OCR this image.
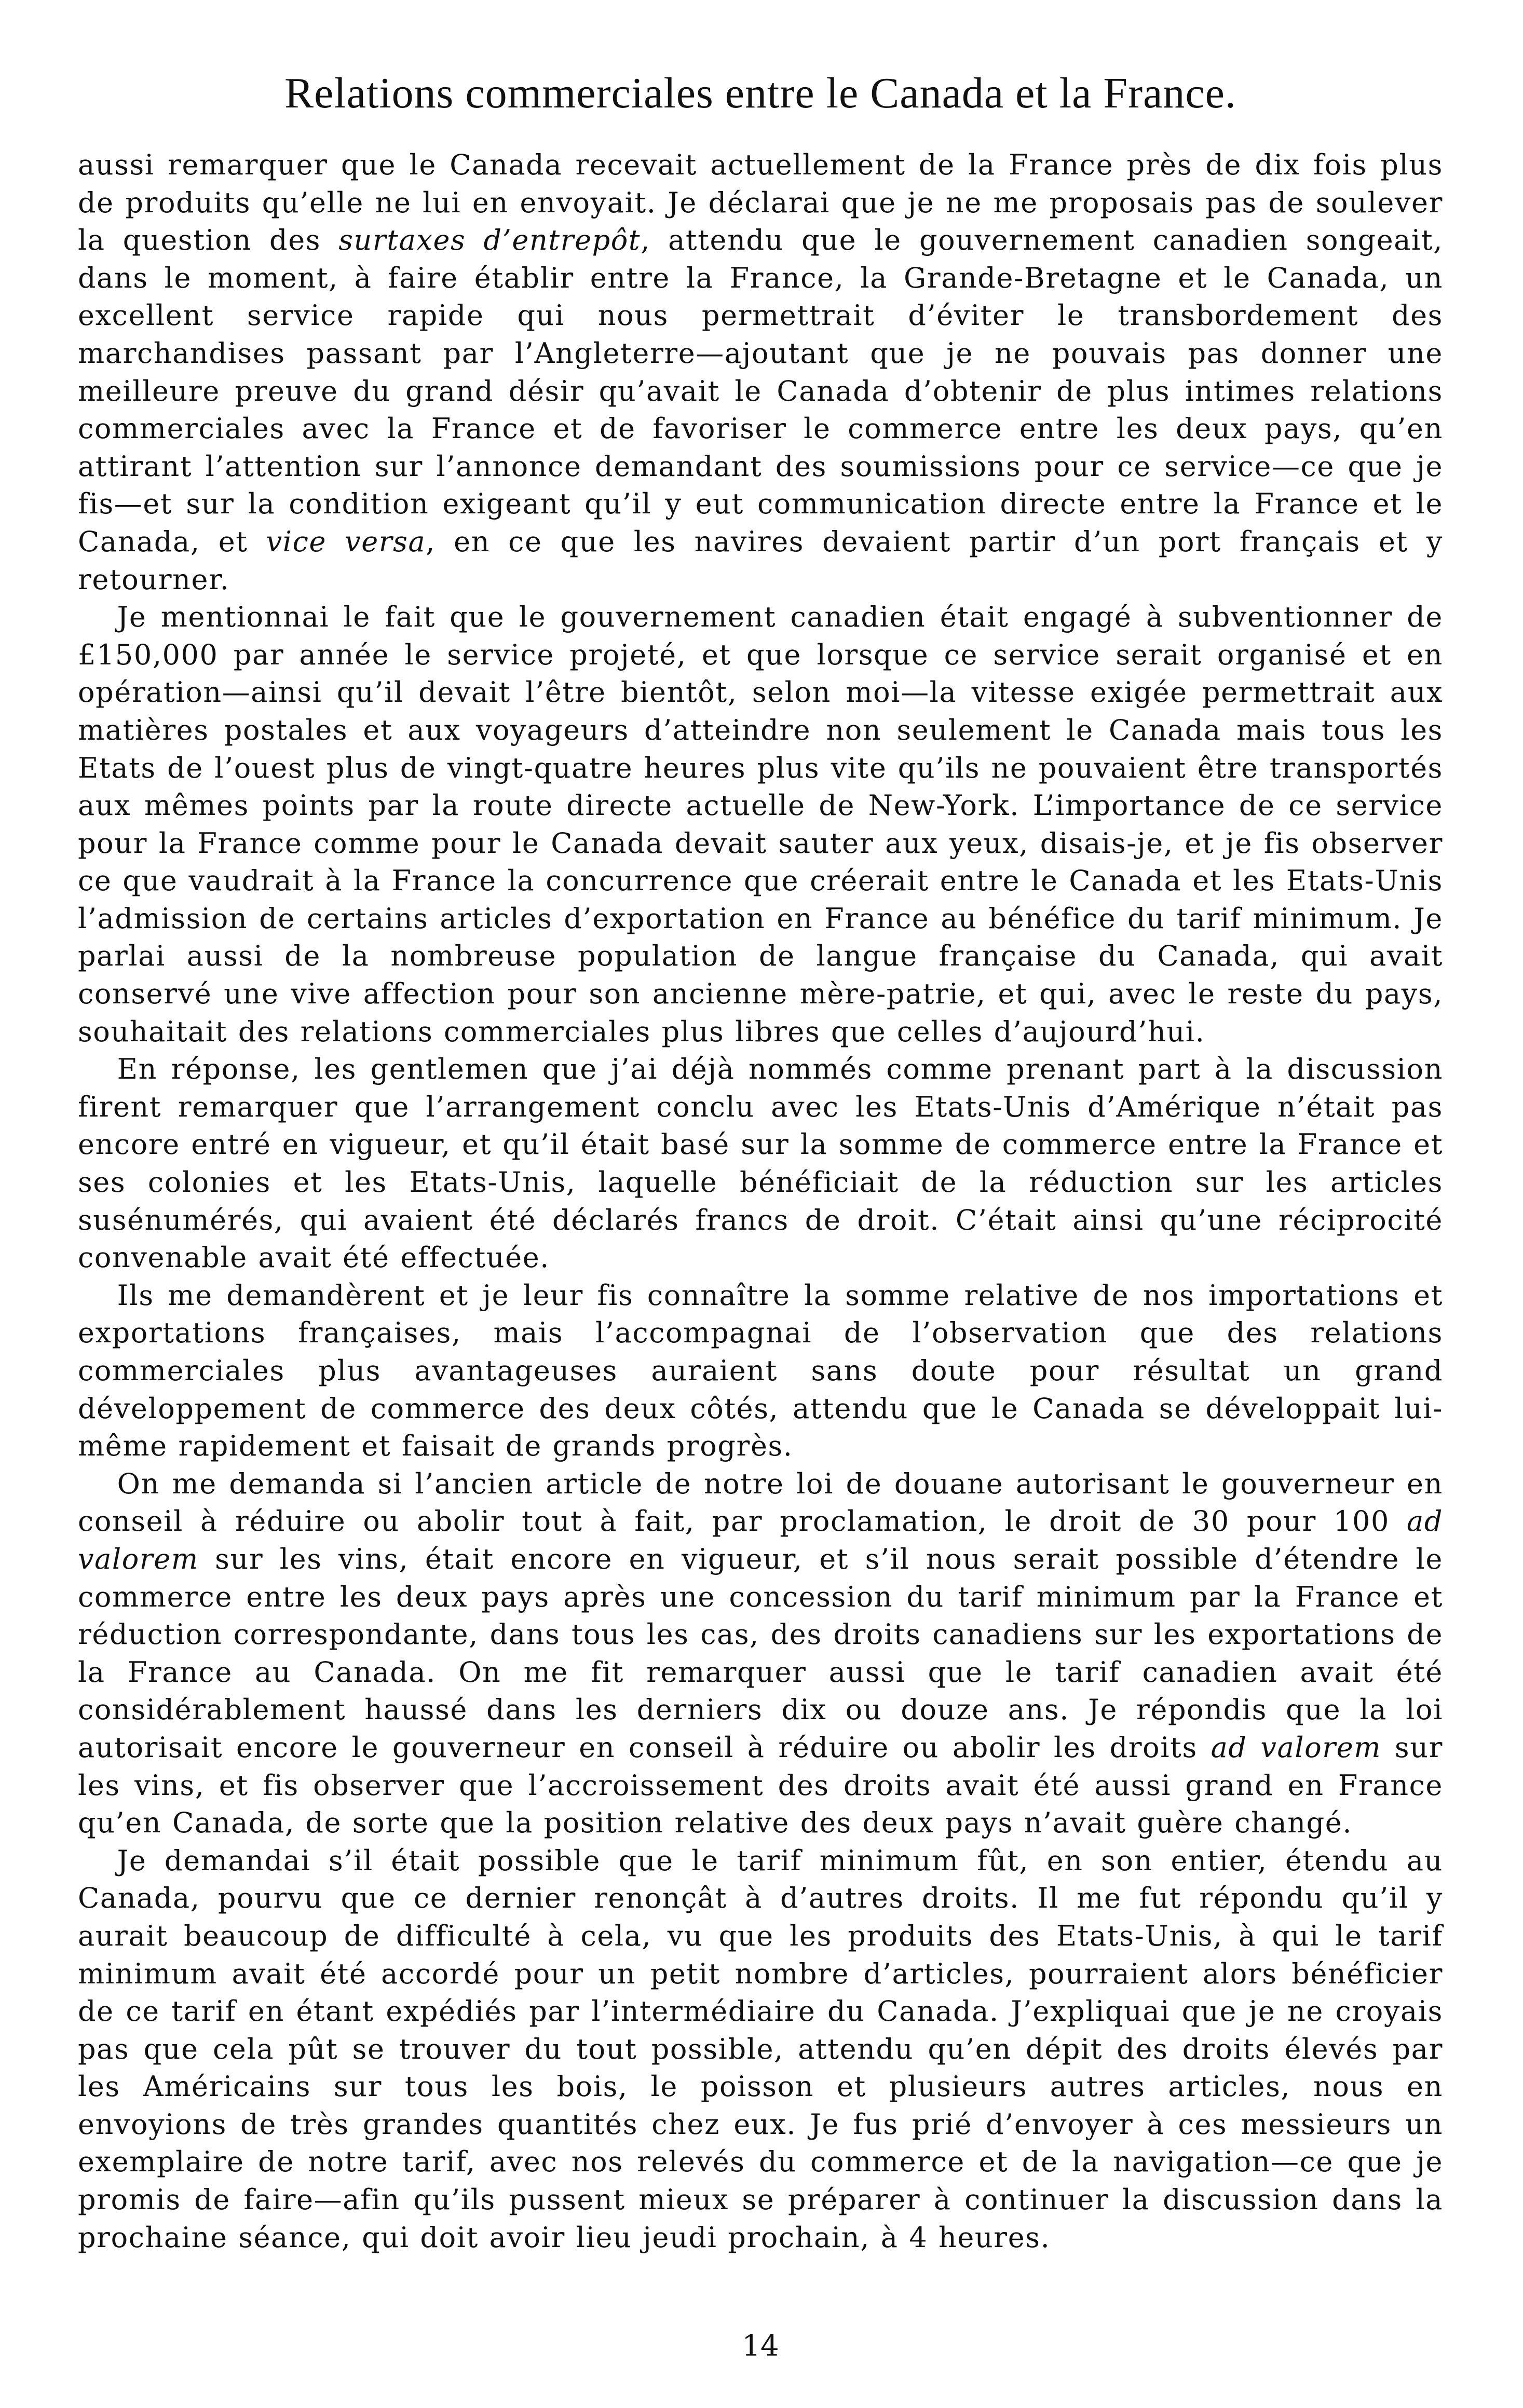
Relations commerciales entre le Canada et la France.

aussi remarquer que le Canada recevait actuellement de la France près de dix fois plus de produits qu’elle ne lui en envoyait. Je déclarai que je ne me proposais pas de soulever la question des surtaxes d’entrepôt, attendu que le gouvernement canadien songeait, dans le moment, à faire établir entre la France, la Grande-Bretagne et le Canada, un excellent service rapide qui nous permettrait d’éviter le transbordement des marchandises passant par l’Angleterre—ajoutant que je ne pouvais pas donner une meilleure preuve du grand désir qu’avait le Canada d’obtenir de plus intimes relations commerciales avec la France et de favoriser le commerce entre les deux pays, qu’en attirant l’attention sur l’annonce demandant des soumissions pour ce service—ce que je fis—et sur la condition exigeant qu’il y eut communication directe entre la France et le Canada, et vice versa, en ce que les navires devaient partir d’un port français et y retourner.

Je mentionnai le fait que le gouvernement canadien était engagé à subventionner de £150,000 par année le service projeté, et que lorsque ce service serait organisé et en opération—ainsi qu’il devait l’être bientôt, selon moi—la vitesse exigée permettrait aux matières postales et aux voyageurs d’atteindre non seulement le Canada mais tous les Etats de l’ouest plus de vingt-quatre heures plus vite qu’ils ne pouvaient être transportés aux mêmes points par la route directe actuelle de New-York. L’importance de ce service pour la France comme pour le Canada devait sauter aux yeux, disais-je, et je fis observer ce que vaudrait à la France la concurrence que créerait entre le Canada et les Etats-Unis l’admission de certains articles d’exportation en France au bénéfice du tarif minimum. Je parlai aussi de la nombreuse population de langue française du Canada, qui avait conservé une vive affection pour son ancienne mère-patrie, et qui, avec le reste du pays, souhaitait des relations commerciales plus libres que celles d’aujourd’hui.

En réponse, les gentlemen que j’ai déjà nommés comme prenant part à la discussion firent remarquer que l’arrangement conclu avec les Etats-Unis d’Amérique n’était pas encore entré en vigueur, et qu’il était basé sur la somme de commerce entre la France et ses colonies et les Etats-Unis, laquelle bénéficiait de la réduction sur les articles susénumérés, qui avaient été déclarés francs de droit. C’était ainsi qu’une réciprocité convenable avait été effectuée.

Ils me demandèrent et je leur fis connaître la somme relative de nos importations et exportations françaises, mais l’accompagnai de l’observation que des relations commerciales plus avantageuses auraient sans doute pour résultat un grand développement de commerce des deux côtés, attendu que le Canada se développait lui-même rapidement et faisait de grands progrès.

On me demanda si l’ancien article de notre loi de douane autorisant le gouverneur en conseil à réduire ou abolir tout à fait, par proclamation, le droit de 30 pour 100 ad valorem sur les vins, était encore en vigueur, et s’il nous serait possible d’étendre le commerce entre les deux pays après une concession du tarif minimum par la France et réduction correspondante, dans tous les cas, des droits canadiens sur les exportations de la France au Canada. On me fit remarquer aussi que le tarif canadien avait été considérablement haussé dans les derniers dix ou douze ans. Je répondis que la loi autorisait encore le gouverneur en conseil à réduire ou abolir les droits ad valorem sur les vins, et fis observer que l’accroissement des droits avait été aussi grand en France qu’en Canada, de sorte que la position relative des deux pays n’avait guère changé.

Je demandai s’il était possible que le tarif minimum fût, en son entier, étendu au Canada, pourvu que ce dernier renonçât à d’autres droits. Il me fut répondu qu’il y aurait beaucoup de difficulté à cela, vu que les produits des Etats-Unis, à qui le tarif minimum avait été accordé pour un petit nombre d’articles, pourraient alors bénéficier de ce tarif en étant expédiés par l’intermédiaire du Canada. J’expliquai que je ne croyais pas que cela pût se trouver du tout possible, attendu qu’en dépit des droits élevés par les Américains sur tous les bois, le poisson et plusieurs autres articles, nous en envoyions de très grandes quantités chez eux. Je fus prié d’envoyer à ces messieurs un exemplaire de notre tarif, avec nos relevés du commerce et de la navigation—ce que je promis de faire—afin qu’ils pussent mieux se préparer à continuer la discussion dans la prochaine séance, qui doit avoir lieu jeudi prochain, à 4 heures.

14
